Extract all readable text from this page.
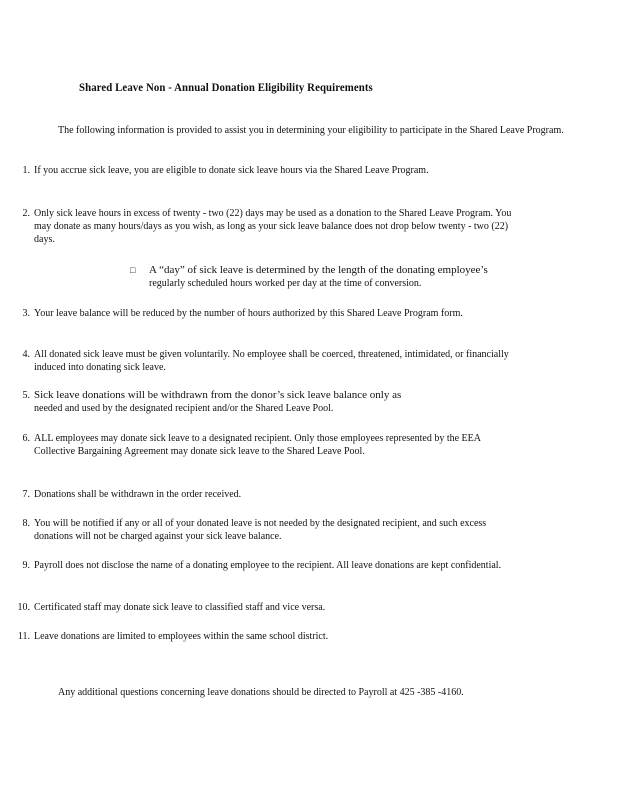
Shared Leave Non - Annual Donation Eligibility Requirements
The following information is provided to assist you in determining your eligibility to participate in the Shared Leave Program.
1. If you accrue sick leave, you are eligible to donate sick leave hours via the Shared Leave Program.
2. Only sick leave hours in excess of twenty - two (22) days may be used as a donation to the Shared Leave Program. You may donate as many hours/days as you wish, as long as your sick leave balance does not drop below twenty - two (22) days.
□ A “day” of sick leave is determined by the length of the donating employee’s
regularly scheduled hours worked per day at the time of conversion.
3. Your leave balance will be reduced by the number of hours authorized by this Shared Leave Program form.
4. All donated sick leave must be given voluntarily. No employee shall be coerced, threatened, intimidated, or financially induced into donating sick leave.
5. Sick leave donations will be withdrawn from the donor’s sick leave balance only as
needed and used by the designated recipient and/or the Shared Leave Pool.
6. ALL employees may donate sick leave to a designated recipient. Only those employees represented by the EEA Collective Bargaining Agreement may donate sick leave to the Shared Leave Pool.
7. Donations shall be withdrawn in the order received.
8. You will be notified if any or all of your donated leave is not needed by the designated recipient, and such excess donations will not be charged against your sick leave balance.
9. Payroll does not disclose the name of a donating employee to the recipient. All leave donations are kept confidential.
10. Certificated staff may donate sick leave to classified staff and vice versa.
11. Leave donations are limited to employees within the same school district.
Any additional questions concerning leave donations should be directed to Payroll at 425 -385 -4160.
